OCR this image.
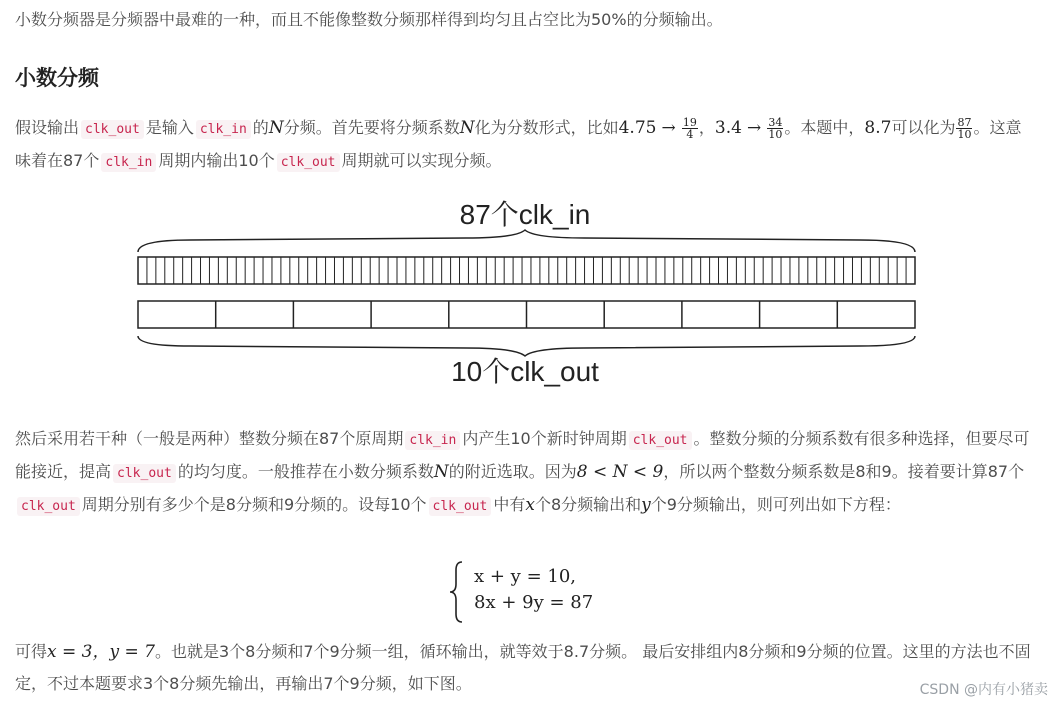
小数分频器是分频器中最难的一种，而且不能像整数分频那样得到均匀且占空比为50%的分频输出。

小数分频

假设输出 clk_out 是输入 clk_in 的N分频。首先要将分频系数N化为分数形式，比如$4.75 \to \frac{19}{4}$ ，$3.4 \to \frac{34}{10}$ 。本题中，8.7可以化为 $\frac{87}{10}$ 。这意味着在87个 clk_in 周期内输出10个 clk_out 周期就可以实现分频。

87个clk_in
10个clk_out

然后采用若干种（一般是两种）整数分频在87个原周期 clk_in 内产生10个新时钟周期 clk_out 。整数分频的分频系数有很多种选择，但要尽可能接近，提高 clk_out 的均匀度。一般推荐在小数分频系数N的附近选取。因为8 < N < 9，所以两个整数分频系数是8和9。接着要计算87个clk_out 周期分别有多少个是8分频和9分频的。设每10个 clk_out 中有x个8分频输出和y个9分频输出，则可列出如下方程：

x + y = 10,
8x + 9y = 87

可得x = 3，y = 7。也就是3个8分频和7个9分频一组，循环输出，就等效于8.7分频。 最后安排组内8分频和9分频的位置。这里的方法也不固定，不过本题要求3个8分频先输出，再输出7个9分频，如下图。	CSDN @内有小猪卖
